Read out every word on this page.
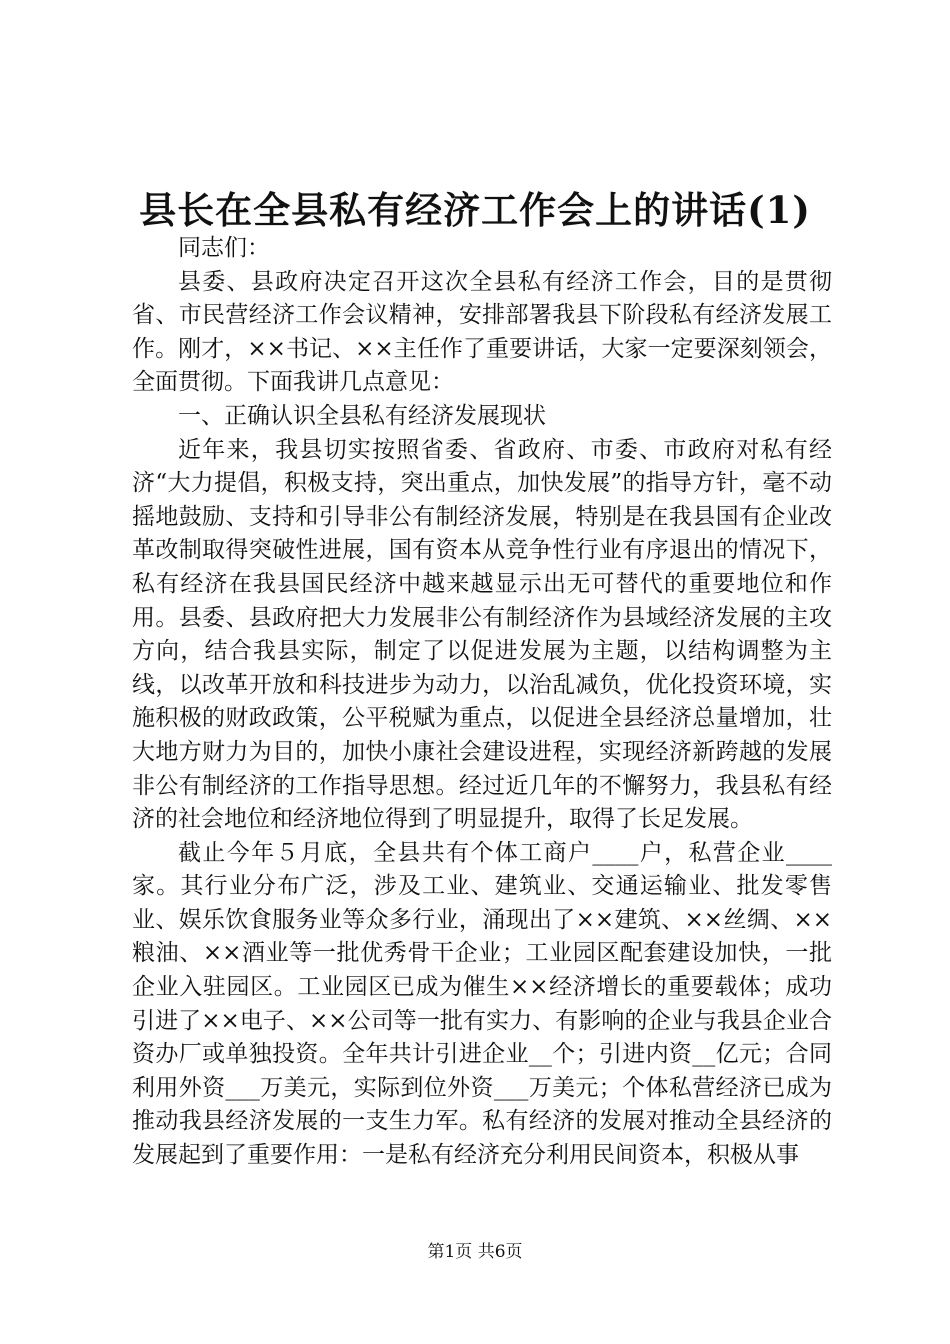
县长在全县私有经济工作会上的讲话(1)

同志们：

县委、县政府决定召开这次全县私有经济工作会，目的是贯彻省、市民营经济工作会议精神，安排部署我县下阶段私有经济发展工作。刚才，××书记、××主任作了重要讲话，大家一定要深刻领会，全面贯彻。下面我讲几点意见：

一、正确认识全县私有经济发展现状

近年来，我县切实按照省委、省政府、市委、市政府对私有经济“大力提倡，积极支持，突出重点，加快发展”的指导方针，毫不动摇地鼓励、支持和引导非公有制经济发展，特别是在我县国有企业改革改制取得突破性进展，国有资本从竞争性行业有序退出的情况下，私有经济在我县国民经济中越来越显示出无可替代的重要地位和作用。县委、县政府把大力发展非公有制经济作为县域经济发展的主攻方向，结合我县实际，制定了以促进发展为主题，以结构调整为主线，以改革开放和科技进步为动力，以治乱减负，优化投资环境，实施积极的财政政策，公平税赋为重点，以促进全县经济总量增加，壮大地方财力为目的，加快小康社会建设进程，实现经济新跨越的发展非公有制经济的工作指导思想。经过近几年的不懈努力，我县私有经济的社会地位和经济地位得到了明显提升，取得了长足发展。

截止今年５月底，全县共有个体工商户____户，私营企业____家。其行业分布广泛，涉及工业、建筑业、交通运输业、批发零售业、娱乐饮食服务业等众多行业，涌现出了××建筑、××丝绸、××粮油、××酒业等一批优秀骨干企业；工业园区配套建设加快，一批企业入驻园区。工业园区已成为催生××经济增长的重要载体；成功引进了××电子、××公司等一批有实力、有影响的企业与我县企业合资办厂或单独投资。全年共计引进企业__个；引进内资__亿元；合同利用外资___万美元，实际到位外资___万美元；个体私营经济已成为推动我县经济发展的一支生力军。私有经济的发展对推动全县经济的发展起到了重要作用：一是私有经济充分利用民间资本，积极从事

第1页 共6页
